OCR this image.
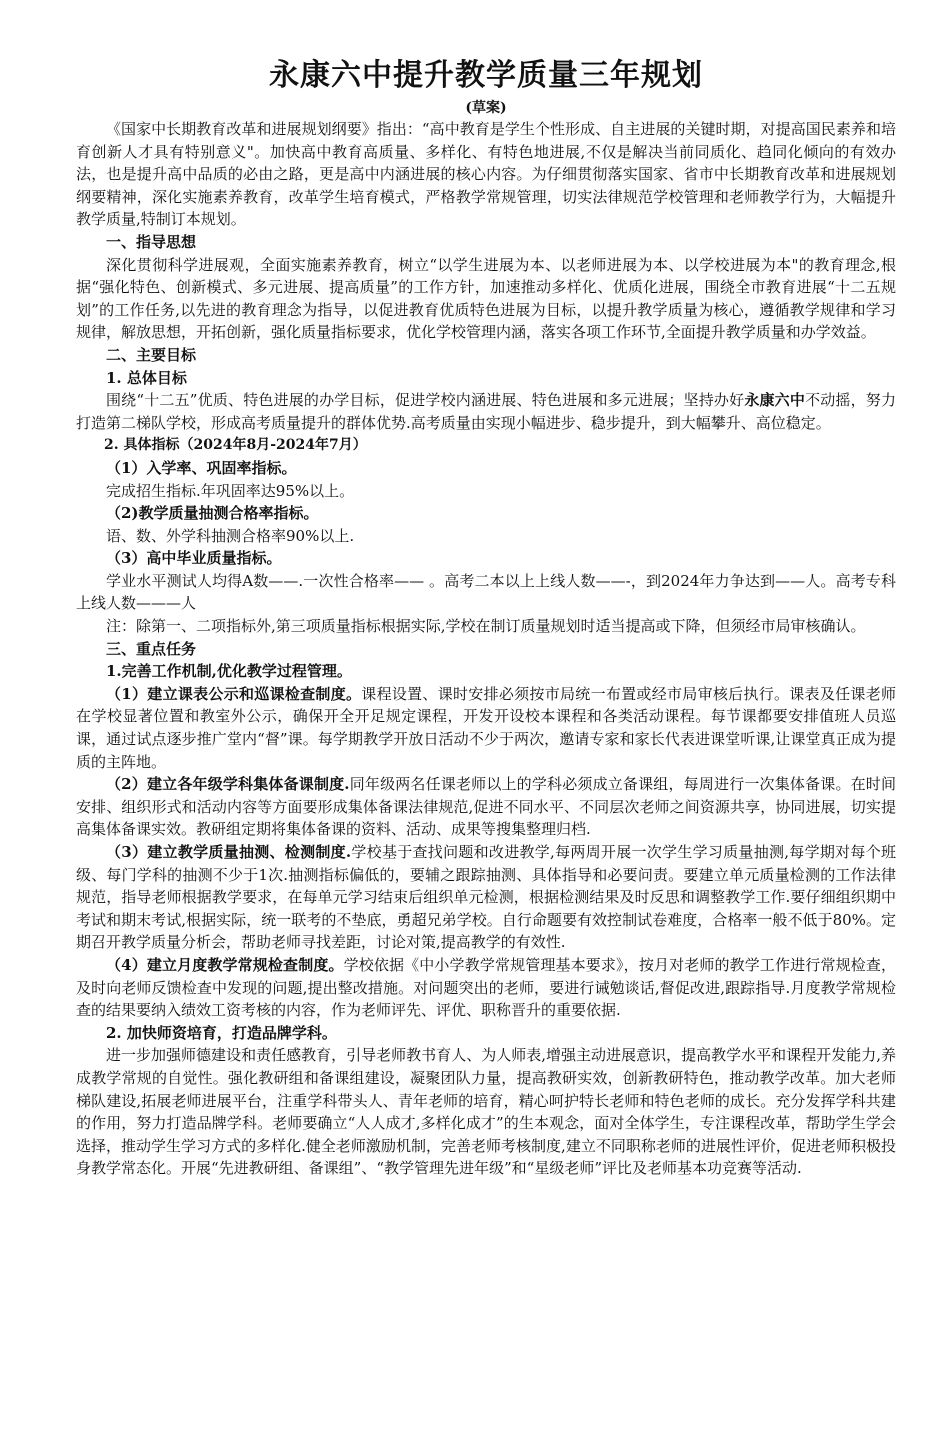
永康六中提升教学质量三年规划
(草案)

《国家中长期教育改革和进展规划纲要》指出：“高中教育是学生个性形成、自主进展的关键时期，对提高国民素养和培育创新人才具有特别意义"。加快高中教育高质量、多样化、有特色地进展,不仅是解决当前同质化、趋同化倾向的有效办法，也是提升高中品质的必由之路，更是高中内涵进展的核心内容。为仔细贯彻落实国家、省市中长期教育改革和进展规划纲要精神，深化实施素养教育，改革学生培育模式，严格教学常规管理，切实法律规范学校管理和老师教学行为，大幅提升教学质量,特制订本规划。

一、指导思想

深化贯彻科学进展观，全面实施素养教育，树立“以学生进展为本、以老师进展为本、以学校进展为本"的教育理念,根据“强化特色、创新模式、多元进展、提高质量”的工作方针，加速推动多样化、优质化进展，围绕全市教育进展“十二五规划”的工作任务,以先进的教育理念为指导，以促进教育优质特色进展为目标，以提升教学质量为核心，遵循教学规律和学习规律，解放思想，开拓创新，强化质量指标要求，优化学校管理内涵，落实各项工作环节,全面提升教学质量和办学效益。

二、主要目标

1. 总体目标

围绕“十二五”优质、特色进展的办学目标，促进学校内涵进展、特色进展和多元进展；坚持办好永康六中不动摇，努力打造第二梯队学校，形成高考质量提升的群体优势.高考质量由实现小幅进步、稳步提升，到大幅攀升、高位稳定。

2. 具体指标（2024年8月-2024年7月）

（1）入学率、巩固率指标。

完成招生指标.年巩固率达95%以上。

（2)教学质量抽测合格率指标。

语、数、外学科抽测合格率90%以上.

（3）高中毕业质量指标。

学业水平测试人均得A数——.一次性合格率—— 。高考二本以上上线人数——-，到2024年力争达到——人。高考专科上线人数———人

注：除第一、二项指标外,第三项质量指标根据实际,学校在制订质量规划时适当提高或下降，但须经市局审核确认。

三、重点任务

1.完善工作机制,优化教学过程管理。

（1）建立课表公示和巡课检查制度。课程设置、课时安排必须按市局统一布置或经市局审核后执行。课表及任课老师在学校显著位置和教室外公示，确保开全开足规定课程，开发开设校本课程和各类活动课程。每节课都要安排值班人员巡课，通过试点逐步推广堂内“督”课。每学期教学开放日活动不少于两次，邀请专家和家长代表进课堂听课,让课堂真正成为提质的主阵地。

（2）建立各年级学科集体备课制度.同年级两名任课老师以上的学科必须成立备课组，每周进行一次集体备课。在时间安排、组织形式和活动内容等方面要形成集体备课法律规范,促进不同水平、不同层次老师之间资源共享，协同进展，切实提高集体备课实效。教研组定期将集体备课的资料、活动、成果等搜集整理归档.

（3）建立教学质量抽测、检测制度.学校基于查找问题和改进教学,每两周开展一次学生学习质量抽测,每学期对每个班级、每门学科的抽测不少于1次.抽测指标偏低的，要辅之跟踪抽测、具体指导和必要问责。要建立单元质量检测的工作法律规范，指导老师根据教学要求，在每单元学习结束后组织单元检测，根据检测结果及时反思和调整教学工作.要仔细组织期中考试和期末考试,根据实际，统一联考的不垫底，勇超兄弟学校。自行命题要有效控制试卷难度，合格率一般不低于80%。定期召开教学质量分析会，帮助老师寻找差距，讨论对策,提高教学的有效性.

（4）建立月度教学常规检查制度。学校依据《中小学教学常规管理基本要求》，按月对老师的教学工作进行常规检查，及时向老师反馈检查中发现的问题,提出整改措施。对问题突出的老师，要进行诫勉谈话,督促改进,跟踪指导.月度教学常规检查的结果要纳入绩效工资考核的内容，作为老师评先、评优、职称晋升的重要依据.

2. 加快师资培育，打造品牌学科。

进一步加强师德建设和责任感教育，引导老师教书育人、为人师表,增强主动进展意识，提高教学水平和课程开发能力,养成教学常规的自觉性。强化教研组和备课组建设，凝聚团队力量，提高教研实效，创新教研特色，推动教学改革。加大老师梯队建设,拓展老师进展平台，注重学科带头人、青年老师的培育，精心呵护特长老师和特色老师的成长。充分发挥学科共建的作用，努力打造品牌学科。老师要确立“人人成才,多样化成才”的生本观念，面对全体学生，专注课程改革，帮助学生学会选择，推动学生学习方式的多样化.健全老师激励机制，完善老师考核制度,建立不同职称老师的进展性评价，促进老师积极投身教学常态化。开展“先进教研组、备课组”、“教学管理先进年级”和“星级老师”评比及老师基本功竞赛等活动.
